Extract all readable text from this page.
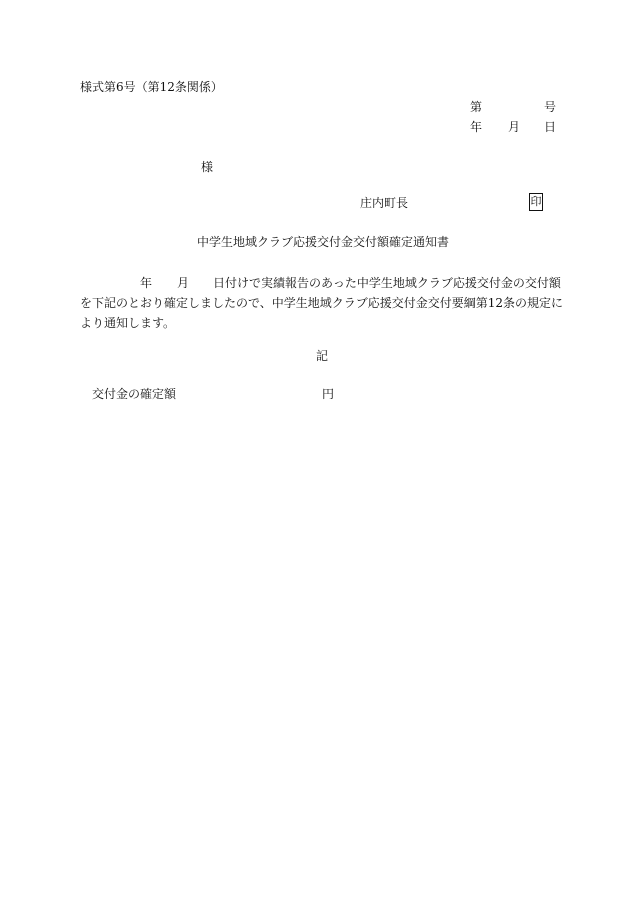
様式第6号（第12条関係）

第

	号

年

月

日

様
庄内町長	印
中学生地域クラブ応援交付金交付額確定通知書

年

月

日付けで実績報告のあった中学生地域クラブ応援交付金の交付額

を下記のとおり確定しましたので、中学生地域クラブ応援交付金交付要綱第12条の規定に
より通知します。
記
交付金の確定額	円
